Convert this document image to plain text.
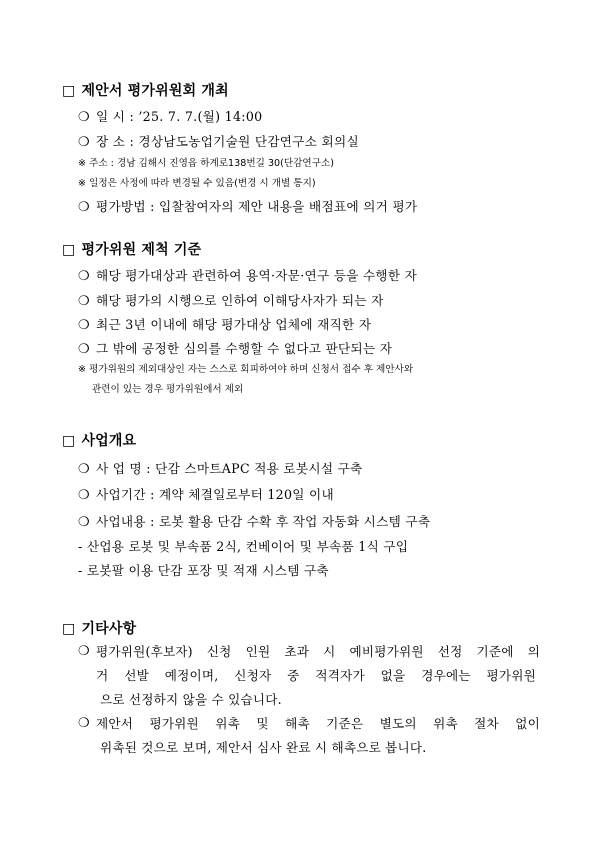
□ 제안서 평가위원회 개최
❍ 일 시 : ’25. 7. 7.(월) 14:00
❍ 장 소 : 경상남도농업기술원 단감연구소 회의실
※ 주소 : 경남 김해시 진영읍 하계로138번길 30(단감연구소)
※ 일정은 사정에 따라 변경될 수 있음(변경 시 개별 통지)
❍ 평가방법 : 입찰참여자의 제안 내용을 배점표에 의거 평가
□ 평가위원 제척 기준
❍ 해당 평가대상과 관련하여 용역·자문·연구 등을 수행한 자
❍ 해당 평가의 시행으로 인하여 이해당사자가 되는 자
❍ 최근 3년 이내에 해당 평가대상 업체에 재직한 자
❍ 그 밖에 공정한 심의를 수행할 수 없다고 판단되는 자
※ 평가위원의 제외대상인 자는 스스로 회피하여야 하며 신청서 접수 후 제안사와
관련이 있는 경우 평가위원에서 제외
□ 사업개요
❍ 사 업 명 : 단감 스마트APC 적용 로봇시설 구축
❍ 사업기간 : 계약 체결일로부터 120일 이내
❍ 사업내용 : 로봇 활용 단감 수확 후 작업 자동화 시스템 구축
- 산업용 로봇 및 부속품 2식, 컨베이어 및 부속품 1식 구입
- 로봇팔 이용 단감 포장 및 적재 시스템 구축
□ 기타사항
❍ 평가위원(후보자) 신청 인원 초과 시 예비평가위원 선정 기준에 의
거 선발 예정이며, 신청자 중 적격자가 없을 경우에는 평가위원
으로 선정하지 않을 수 있습니다.
❍ 제안서 평가위원 위촉 및 해촉 기준은 별도의 위촉 절차 없이
위촉된 것으로 보며, 제안서 심사 완료 시 해촉으로 봅니다.
